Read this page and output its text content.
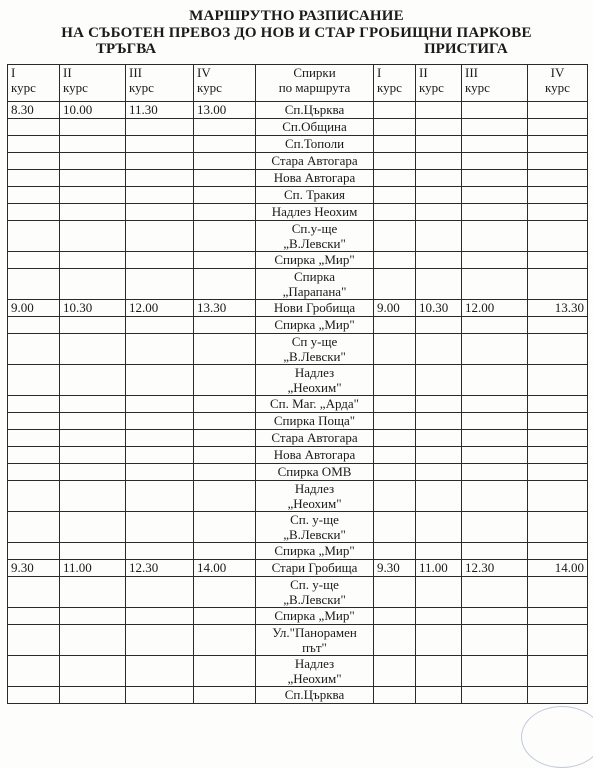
МАРШРУТНО РАЗПИСАНИЕ
НА СЪБОТЕН ПРЕВОЗ ДО НОВ И СТАР ГРОБИЩНИ ПАРКОВЕ
ТРЪГВА	ПРИСТИГА
I
курс	II
курс	III
курс	IV
курс	Спирки
по маршрута	I
курс	II
курс	III
курс	IV
курс

8.30	10.00	11.30	13.00	Сп.Църква				

				Сп.Община				

				Сп.Тополи				

				Стара Автогара				

				Нова Автогара				

				Сп. Тракия				

				Надлез Неохим				

				Сп.у-ще
„В.Левски"				

				Спирка „Мир"				

				Спирка
„Парапана"				

9.00	10.30	12.00	13.30	Нови Гробища	9.00	10.30	12.00	13.30

				Спирка „Мир"				

				Сп у-ще
„В.Левски"				

				Надлез
„Неохим"				

				Сп. Маг. „Арда"				

				Спирка Поща"				

				Стара Автогара				

				Нова Автогара				

				Спирка ОМВ				

				Надлез
„Неохим"				

				Сп. у-ще
„В.Левски"				

				Спирка „Мир"				

9.30	11.00	12.30	14.00	Стари Гробища	9.30	11.00	12.30	14.00

				Сп. у-ще
„В.Левски"				

				Спирка „Мир"				

				Ул."Панорамен
път"				

				Надлез
„Неохим"				

				Сп.Църква				
